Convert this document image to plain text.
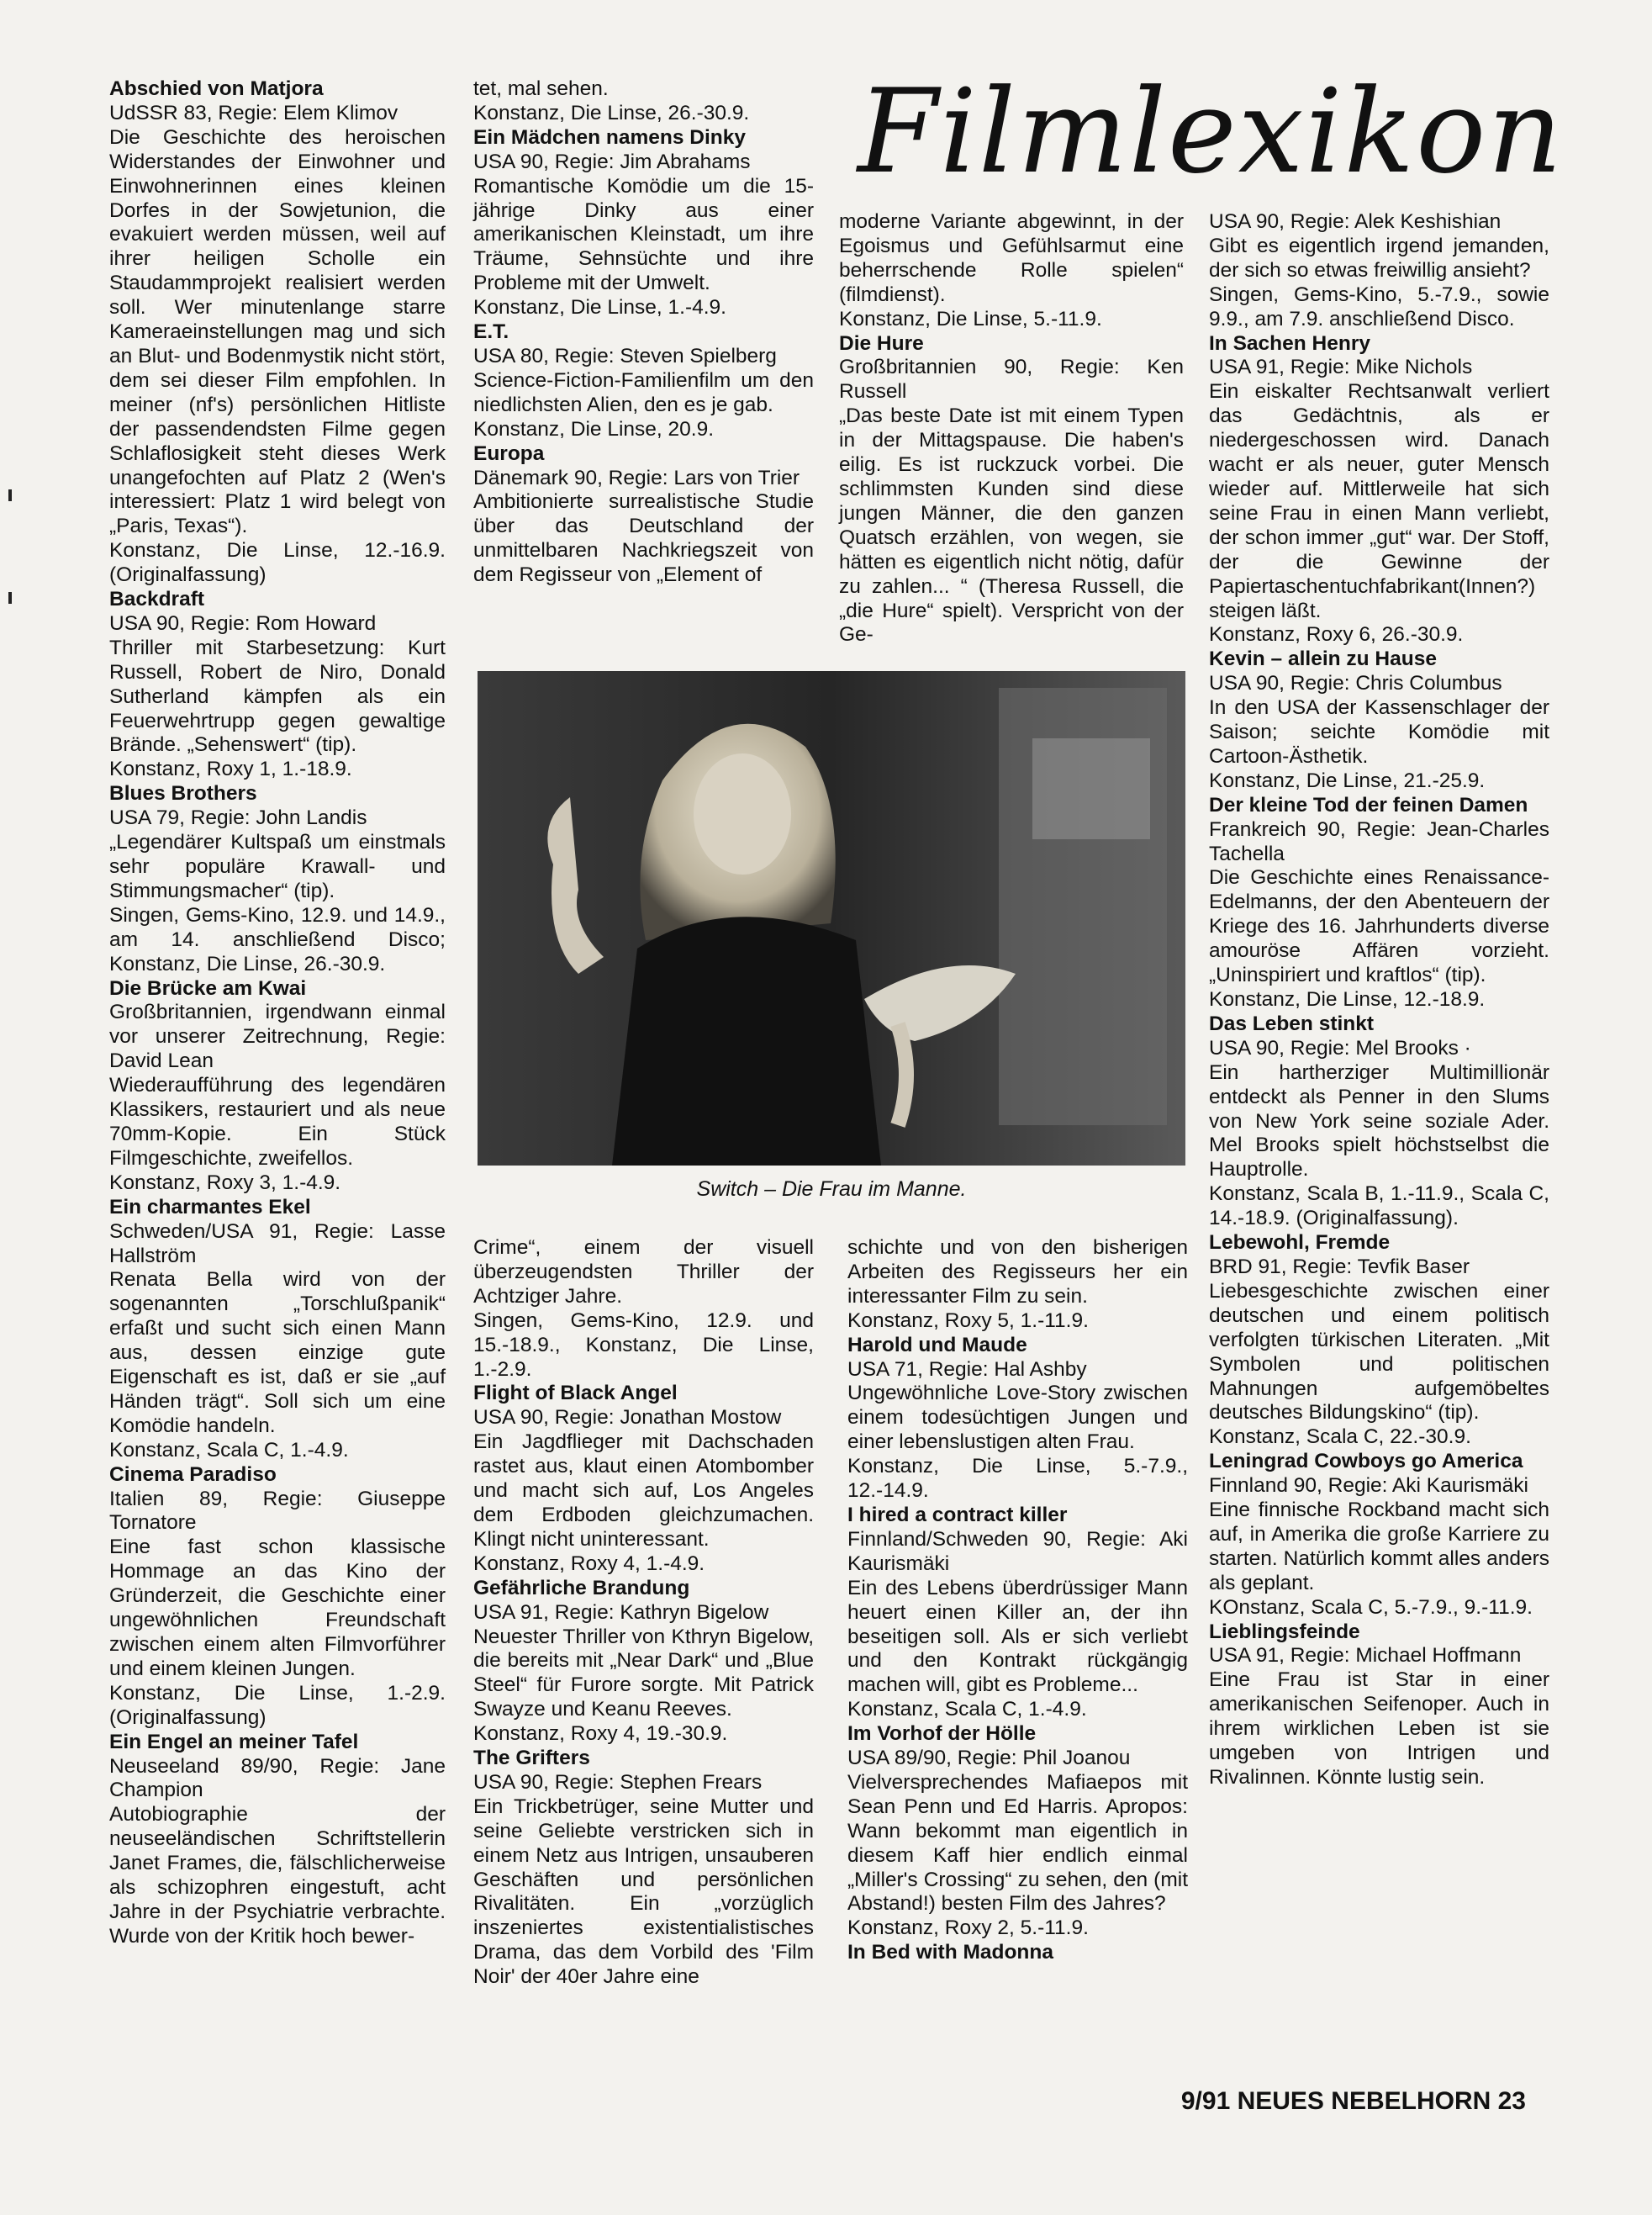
Filmlexikon

Abschied von Matjora

UdSSR 83, Regie: Elem Klimov

Die Geschichte des heroischen Widerstandes der Einwohner und Einwohnerinnen eines kleinen Dorfes in der Sowjetunion, die evakuiert werden müssen, weil auf ihrer heiligen Scholle ein Staudammprojekt realisiert werden soll. Wer minutenlange starre Kameraeinstellungen mag und sich an Blut- und Bodenmystik nicht stört, dem sei dieser Film empfohlen. In meiner (nf's) persönlichen Hitliste der passendendsten Filme gegen Schlaflosigkeit steht dieses Werk unangefochten auf Platz 2 (Wen's interessiert: Platz 1 wird belegt von „Paris, Texas“).

Konstanz, Die Linse, 12.-16.9. (Originalfassung)

Backdraft

USA 90, Regie: Rom Howard

Thriller mit Starbesetzung: Kurt Russell, Robert de Niro, Donald Sutherland kämpfen als ein Feuerwehrtrupp gegen gewaltige Brände. „Sehenswert“ (tip).

Konstanz, Roxy 1, 1.-18.9.

Blues Brothers

USA 79, Regie: John Landis

„Legendärer Kultspaß um einstmals sehr populäre Krawall- und Stimmungsmacher“ (tip).

Singen, Gems-Kino, 12.9. und 14.9., am 14. anschließend Disco; Konstanz, Die Linse, 26.-30.9.

Die Brücke am Kwai

Großbritannien, irgendwann einmal vor unserer Zeitrechnung, Regie: David Lean

Wiederaufführung des legendären Klassikers, restauriert und als neue 70mm-Kopie. Ein Stück Filmgeschichte, zweifellos.

Konstanz, Roxy 3, 1.-4.9.

Ein charmantes Ekel

Schweden/USA 91, Regie: Lasse Hallström

Renata Bella wird von der sogenannten „Torschlußpanik“ erfaßt und sucht sich einen Mann aus, dessen einzige gute Eigenschaft es ist, daß er sie „auf Händen trägt“. Soll sich um eine Komödie handeln.

Konstanz, Scala C, 1.-4.9.

Cinema Paradiso

Italien 89, Regie: Giuseppe Tornatore

Eine fast schon klassische Hommage an das Kino der Gründerzeit, die Geschichte einer ungewöhnlichen Freundschaft zwischen einem alten Filmvorführer und einem kleinen Jungen.

Konstanz, Die Linse, 1.-2.9. (Originalfassung)

Ein Engel an meiner Tafel

Neuseeland 89/90, Regie: Jane Champion

Autobiographie der neuseeländischen Schriftstellerin Janet Frames, die, fälschlicherweise als schizophren eingestuft, acht Jahre in der Psychiatrie verbrachte. Wurde von der Kritik hoch bewer-

tet, mal sehen.

Konstanz, Die Linse, 26.-30.9.

Ein Mädchen namens Dinky

USA 90, Regie: Jim Abrahams

Romantische Komödie um die 15-jährige Dinky aus einer amerikanischen Kleinstadt, um ihre Träume, Sehnsüchte und ihre Probleme mit der Umwelt.

Konstanz, Die Linse, 1.-4.9.

E.T.

USA 80, Regie: Steven Spielberg

Science-Fiction-Familienfilm um den niedlichsten Alien, den es je gab.

Konstanz, Die Linse, 20.9.

Europa

Dänemark 90, Regie: Lars von Trier

Ambitionierte surrealistische Studie über das Deutschland der unmittelbaren Nachkriegszeit von dem Regisseur von „Element of

moderne Variante abgewinnt, in der Egoismus und Gefühlsarmut eine beherrschende Rolle spielen“ (filmdienst).

Konstanz, Die Linse, 5.-11.9.

Die Hure

Großbritannien 90, Regie: Ken Russell

„Das beste Date ist mit einem Typen in der Mittagspause. Die haben's eilig. Es ist ruckzuck vorbei. Die schlimmsten Kunden sind diese jungen Männer, die den ganzen Quatsch erzählen, von wegen, sie hätten es eigentlich nicht nötig, dafür zu zahlen... “ (Theresa Russell, die „die Hure“ spielt). Verspricht von der Ge-

USA 90, Regie: Alek Keshishian

Gibt es eigentlich irgend jemanden, der sich so etwas freiwillig ansieht?

Singen, Gems-Kino, 5.-7.9., sowie 9.9., am 7.9. anschließend Disco.

In Sachen Henry

USA 91, Regie: Mike Nichols

Ein eiskalter Rechtsanwalt verliert das Gedächtnis, als er niedergeschossen wird. Danach wacht er als neuer, guter Mensch wieder auf. Mittlerweile hat sich seine Frau in einen Mann verliebt, der schon immer „gut“ war. Der Stoff, der die Gewinne der Papiertaschentuchfabrikant(Innen?) steigen läßt.

Konstanz, Roxy 6, 26.-30.9.

Kevin – allein zu Hause

USA 90, Regie: Chris Columbus

In den USA der Kassenschlager der Saison; seichte Komödie mit Cartoon-Ästhetik.

Konstanz, Die Linse, 21.-25.9.

Der kleine Tod der feinen Damen

Frankreich 90, Regie: Jean-Charles Tachella

Die Geschichte eines Renaissance-Edelmanns, der den Abenteuern der Kriege des 16. Jahrhunderts diverse amouröse Affären vorzieht. „Uninspiriert und kraftlos“ (tip).

Konstanz, Die Linse, 12.-18.9.

Das Leben stinkt

USA 90, Regie: Mel Brooks ·

Ein hartherziger Multimillionär entdeckt als Penner in den Slums von New York seine soziale Ader. Mel Brooks spielt höchstselbst die Hauptrolle.

Konstanz, Scala B, 1.-11.9., Scala C, 14.-18.9. (Originalfassung).

Lebewohl, Fremde

BRD 91, Regie: Tevfik Baser

Liebesgeschichte zwischen einer deutschen und einem politisch verfolgten türkischen Literaten. „Mit Symbolen und politischen Mahnungen aufgemöbeltes deutsches Bildungskino“ (tip).

Konstanz, Scala C, 22.-30.9.

Leningrad Cowboys go America

Finnland 90, Regie: Aki Kaurismäki

Eine finnische Rockband macht sich auf, in Amerika die große Karriere zu starten. Natürlich kommt alles anders als geplant.

KOnstanz, Scala C, 5.-7.9., 9.-11.9.

Lieblingsfeinde

USA 91, Regie: Michael Hoffmann

Eine Frau ist Star in einer amerikanischen Seifenoper. Auch in ihrem wirklichen Leben ist sie umgeben von Intrigen und Rivalinnen. Könnte lustig sein.

Switch – Die Frau im Manne.

Crime“, einem der visuell überzeugendsten Thriller der Achtziger Jahre.

Singen, Gems-Kino, 12.9. und 15.-18.9., Konstanz, Die Linse, 1.-2.9.

Flight of Black Angel

USA 90, Regie: Jonathan Mostow

Ein Jagdflieger mit Dachschaden rastet aus, klaut einen Atombomber und macht sich auf, Los Angeles dem Erdboden gleichzumachen. Klingt nicht uninteressant.

Konstanz, Roxy 4, 1.-4.9.

Gefährliche Brandung

USA 91, Regie: Kathryn Bigelow

Neuester Thriller von Kthryn Bigelow, die bereits mit „Near Dark“ und „Blue Steel“ für Furore sorgte. Mit Patrick Swayze und Keanu Reeves.

Konstanz, Roxy 4, 19.-30.9.

The Grifters

USA 90, Regie: Stephen Frears

Ein Trickbetrüger, seine Mutter und seine Geliebte verstricken sich in einem Netz aus Intrigen, unsauberen Geschäften und persönlichen Rivalitäten. Ein „vorzüglich inszeniertes existentialistisches Drama, das dem Vorbild des 'Film Noir' der 40er Jahre eine

schichte und von den bisherigen Arbeiten des Regisseurs her ein interessanter Film zu sein.

Konstanz, Roxy 5, 1.-11.9.

Harold und Maude

USA 71, Regie: Hal Ashby

Ungewöhnliche Love-Story zwischen einem todesüchtigen Jungen und einer lebenslustigen alten Frau.

Konstanz, Die Linse, 5.-7.9., 12.-14.9.

I hired a contract killer

Finnland/Schweden 90, Regie: Aki Kaurismäki

Ein des Lebens überdrüssiger Mann heuert einen Killer an, der ihn beseitigen soll. Als er sich verliebt und den Kontrakt rückgängig machen will, gibt es Probleme...

Konstanz, Scala C, 1.-4.9.

Im Vorhof der Hölle

USA 89/90, Regie: Phil Joanou

Vielversprechendes Mafiaepos mit Sean Penn und Ed Harris. Apropos: Wann bekommt man eigentlich in diesem Kaff hier endlich einmal „Miller's Crossing“ zu sehen, den (mit Abstand!) besten Film des Jahres?

Konstanz, Roxy 2, 5.-11.9.

In Bed with Madonna

9/91 NEUES NEBELHORN 23
